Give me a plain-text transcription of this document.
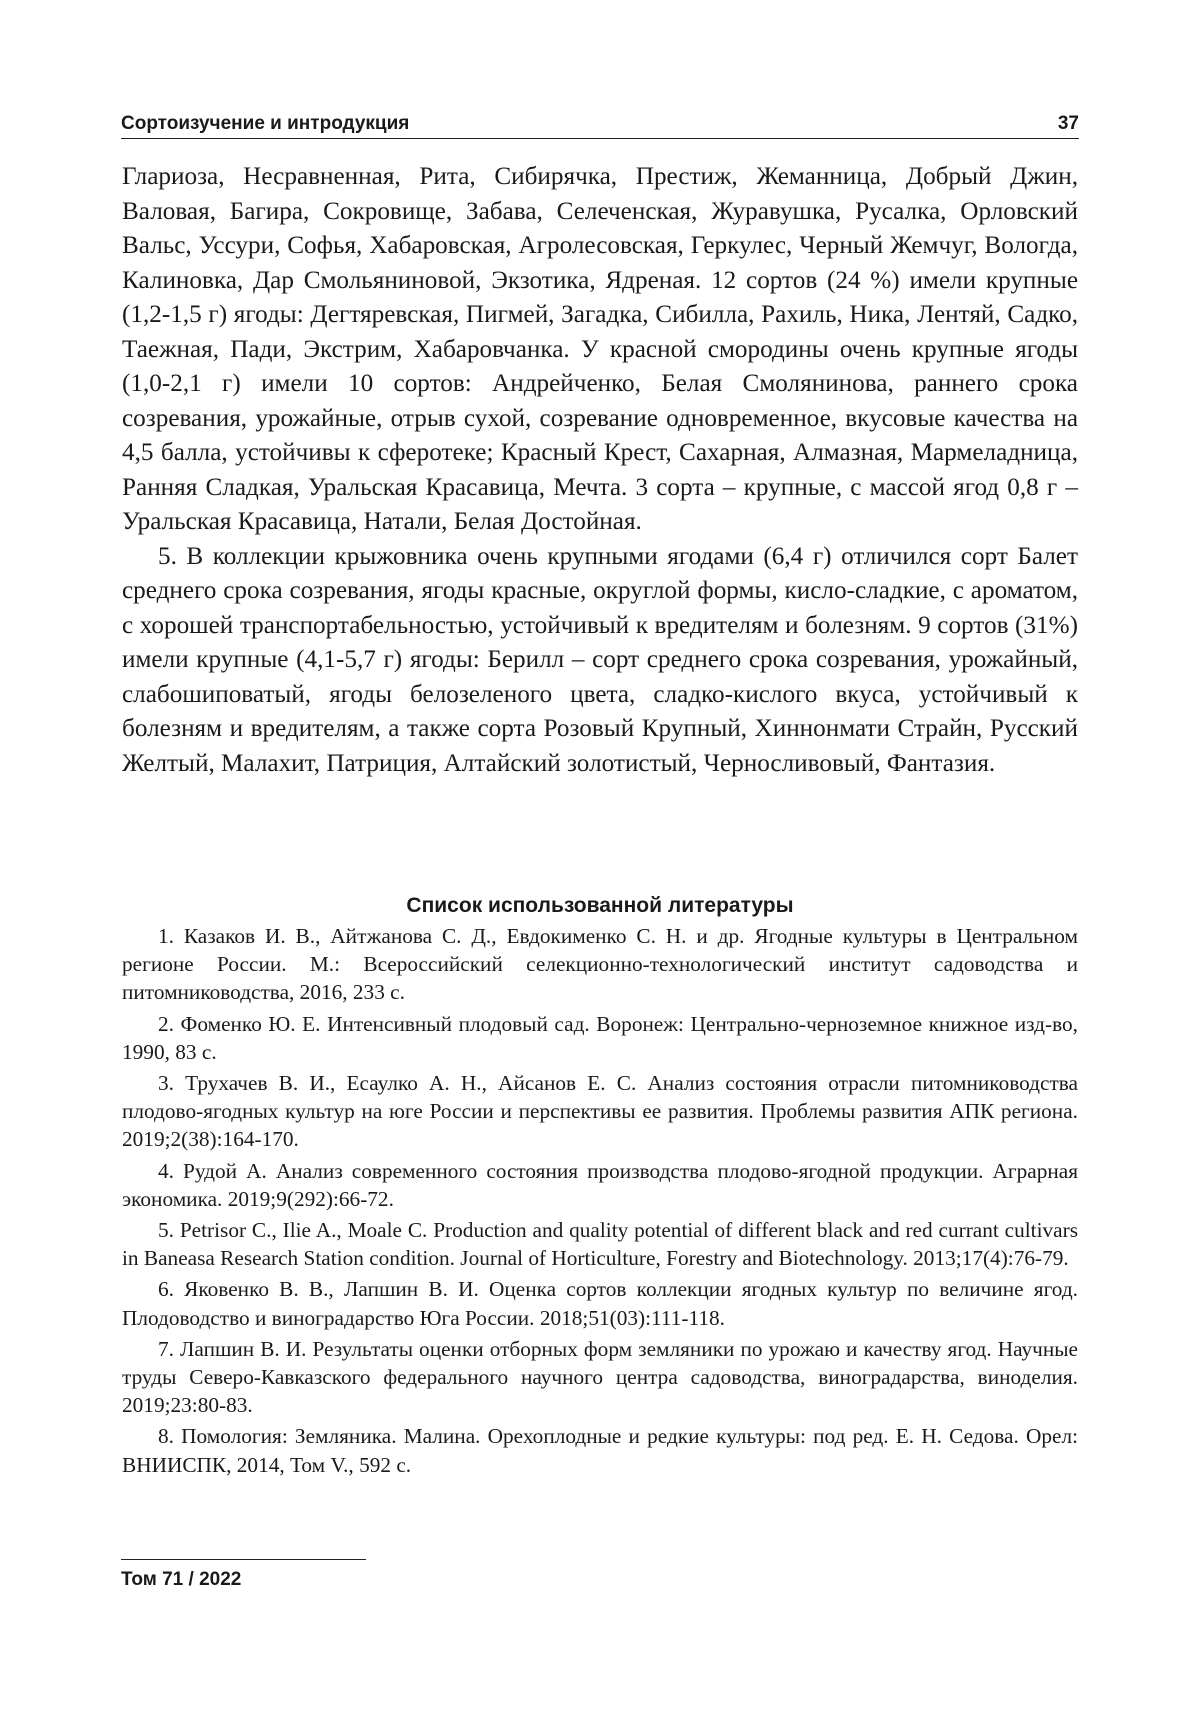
Сортоизучение и интродукция	37

Глариоза, Несравненная, Рита, Сибирячка, Престиж, Жеманница, Добрый Джин, Валовая, Багира, Сокровище, Забава, Селеченская, Журавушка, Русалка, Орловский Вальс, Уссури, Софья, Хабаровская, Агролесовская, Геркулес, Черный Жемчуг, Вологда, Калиновка, Дар Смольяниновой, Экзотика, Ядреная. 12 сортов (24 %) имели крупные (1,2-1,5 г) ягоды: Дегтяревская, Пигмей, Загадка, Сибилла, Рахиль, Ника, Лентяй, Садко, Таежная, Пади, Экстрим, Хабаровчанка. У красной смородины очень крупные ягоды (1,0-2,1 г) имели 10 сортов: Андрейченко, Белая Смолянинова, раннего срока созревания, урожайные, отрыв сухой, созревание одновременное, вкусовые качества на 4,5 балла, устойчивы к сферотеке; Красный Крест, Сахарная, Алмазная, Мармеладница, Ранняя Сладкая, Уральская Красавица, Мечта. 3 сорта – крупные, с массой ягод 0,8 г – Уральская Красавица, Натали, Белая Достойная.

5. В коллекции крыжовника очень крупными ягодами (6,4 г) отличился сорт Балет среднего срока созревания, ягоды красные, округлой формы, кисло-сладкие, с ароматом, с хорошей транспортабельностью, устойчивый к вредителям и болезням. 9 сортов (31%) имели крупные (4,1-5,7 г) ягоды: Берилл – сорт среднего срока созревания, урожайный, слабошиповатый, ягоды белозеленого цвета, сладко-кислого вкуса, устойчивый к болезням и вредителям, а также сорта Розовый Крупный, Хиннонмати Страйн, Русский Желтый, Малахит, Патриция, Алтайский золотистый, Черносливовый, Фантазия.

Список использованной литературы

1. Казаков И. В., Айтжанова С. Д., Евдокименко С. Н. и др. Ягодные культуры в Центральном регионе России. М.: Всероссийский селекционно-технологический институт садоводства и питомниководства, 2016, 233 с.

2. Фоменко Ю. Е. Интенсивный плодовый сад. Воронеж: Центрально-черноземное книжное изд-во, 1990, 83 с.

3. Трухачев В. И., Есаулко А. Н., Айсанов Е. С. Анализ состояния отрасли питомниководства плодово-ягодных культур на юге России и перспективы ее развития. Проблемы развития АПК региона. 2019;2(38):164-170.

4. Рудой А. Анализ современного состояния производства плодово-ягодной продукции. Аграрная экономика. 2019;9(292):66-72.

5. Petrisor C., Ilie A., Moale C. Production and quality potential of different black and red currant cultivars in Baneasa Research Station condition. Journal of Horticulture, Forestry and Biotechnology. 2013;17(4):76-79.

6. Яковенко В. В., Лапшин В. И. Оценка сортов коллекции ягодных культур по величине ягод. Плодоводство и виноградарство Юга России. 2018;51(03):111-118.

7. Лапшин В. И. Результаты оценки отборных форм земляники по урожаю и качеству ягод. Научные труды Северо-Кавказского федерального научного центра садоводства, виноградарства, виноделия. 2019;23:80-83.

8. Помология: Земляника. Малина. Орехоплодные и редкие культуры: под ред. Е. Н. Седова. Орел: ВНИИСПК, 2014, Том V., 592 с.

Том 71 / 2022
